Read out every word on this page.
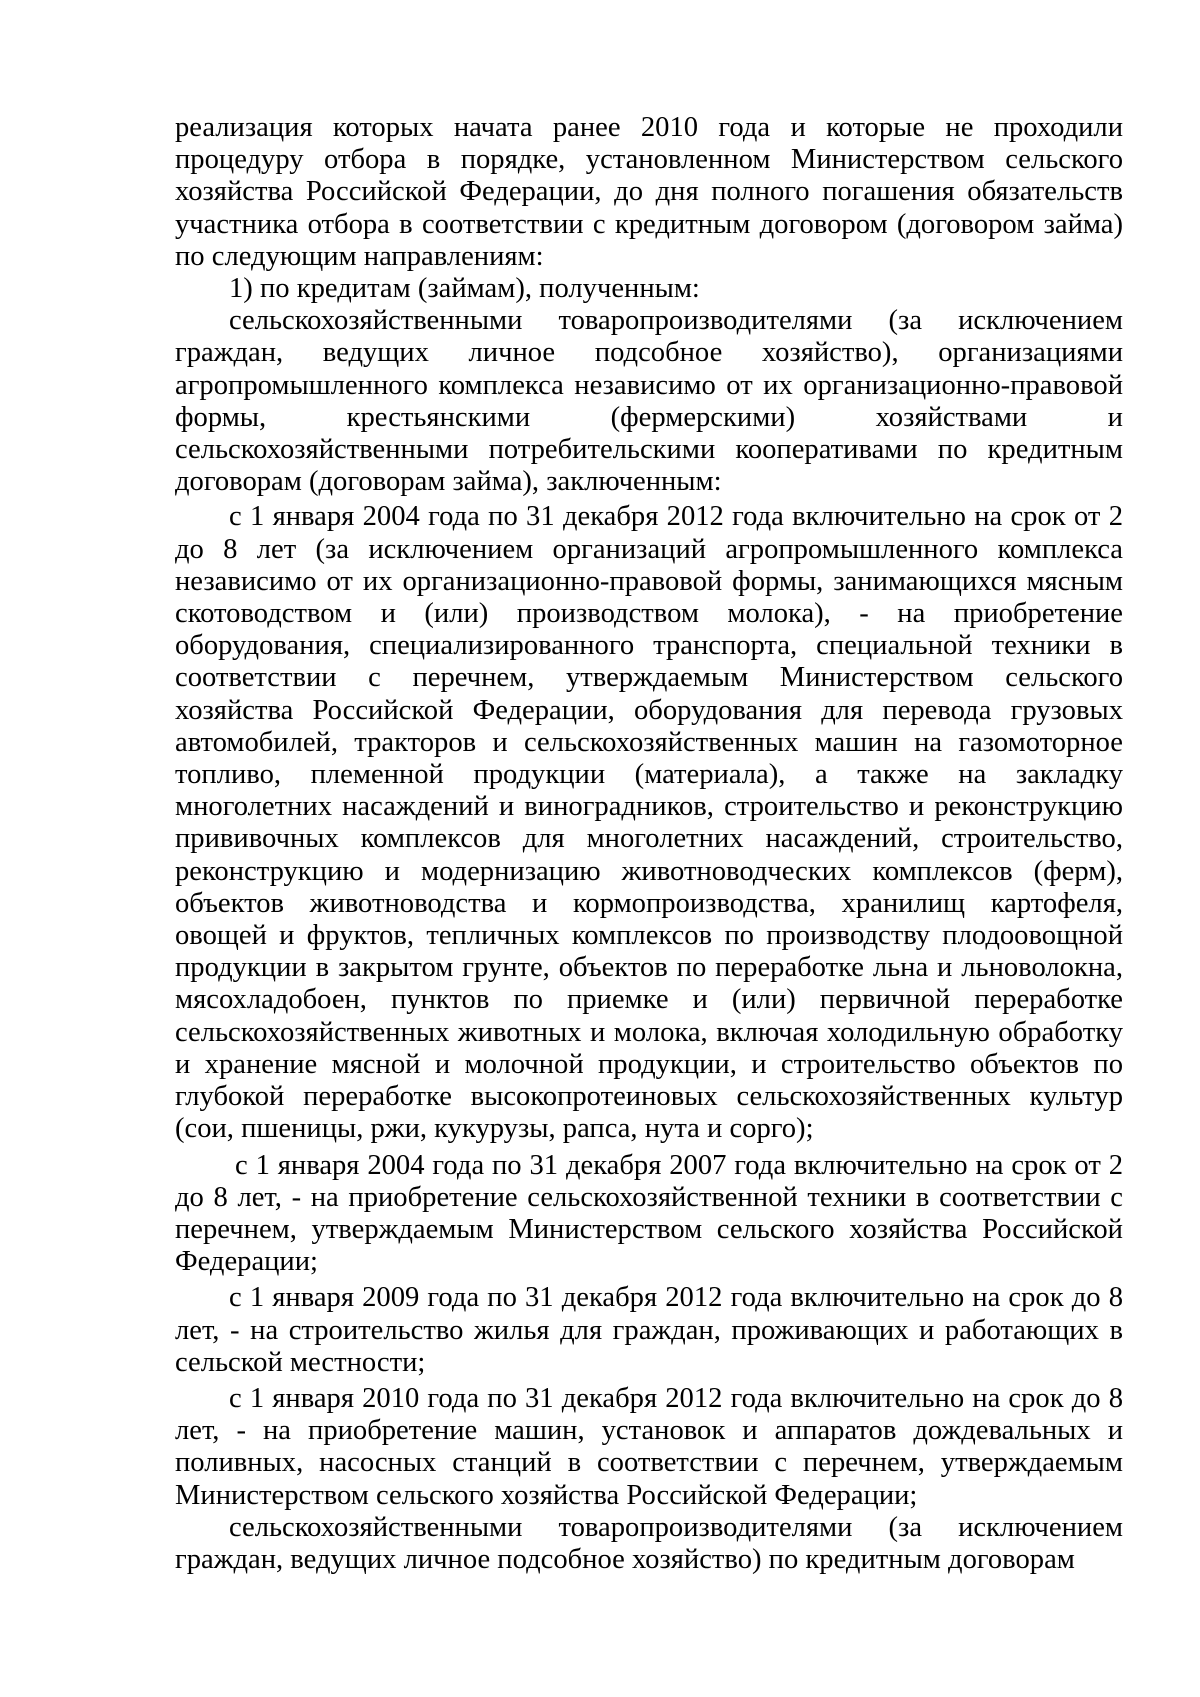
реализация которых начата ранее 2010 года и которые не проходили процедуру отбора в порядке, установленном Министерством сельского хозяйства Российской Федерации, до дня полного погашения обязательств участника отбора в соответствии с кредитным договором (договором займа) по следующим направлениям:

1) по кредитам (займам), полученным:

сельскохозяйственными товаропроизводителями (за исключением граждан, ведущих личное подсобное хозяйство), организациями агропромышленного комплекса независимо от их организационно-правовой формы, крестьянскими (фермерскими) хозяйствами и сельскохозяйственными потребительскими кооперативами по кредитным договорам (договорам займа), заключенным:

с 1 января 2004 года по 31 декабря 2012 года включительно на срок от 2 до 8 лет (за исключением организаций агропромышленного комплекса независимо от их организационно-правовой формы, занимающихся мясным скотоводством и (или) производством молока), - на приобретение оборудования, специализированного транспорта, специальной техники в соответствии с перечнем, утверждаемым Министерством сельского хозяйства Российской Федерации, оборудования для перевода грузовых автомобилей, тракторов и сельскохозяйственных машин на газомоторное топливо, племенной продукции (материала), а также на закладку многолетних насаждений и виноградников, строительство и реконструкцию прививочных комплексов для многолетних насаждений, строительство, реконструкцию и модернизацию животноводческих комплексов (ферм), объектов животноводства и кормопроизводства, хранилищ картофеля, овощей и фруктов, тепличных комплексов по производству плодоовощной продукции в закрытом грунте, объектов по переработке льна и льноволокна, мясохладобоен, пунктов по приемке и (или) первичной переработке сельскохозяйственных животных и молока, включая холодильную обработку и хранение мясной и молочной продукции, и строительство объектов по глубокой переработке высокопротеиновых сельскохозяйственных культур (сои, пшеницы, ржи, кукурузы, рапса, нута и сорго);

с 1 января 2004 года по 31 декабря 2007 года включительно на срок от 2 до 8 лет, - на приобретение сельскохозяйственной техники в соответствии с перечнем, утверждаемым Министерством сельского хозяйства Российской Федерации;

с 1 января 2009 года по 31 декабря 2012 года включительно на срок до 8 лет, - на строительство жилья для граждан, проживающих и работающих в сельской местности;

с 1 января 2010 года по 31 декабря 2012 года включительно на срок до 8 лет, - на приобретение машин, установок и аппаратов дождевальных и поливных, насосных станций в соответствии с перечнем, утверждаемым Министерством сельского хозяйства Российской Федерации;

сельскохозяйственными товаропроизводителями (за исключением граждан, ведущих личное подсобное хозяйство) по кредитным договорам
